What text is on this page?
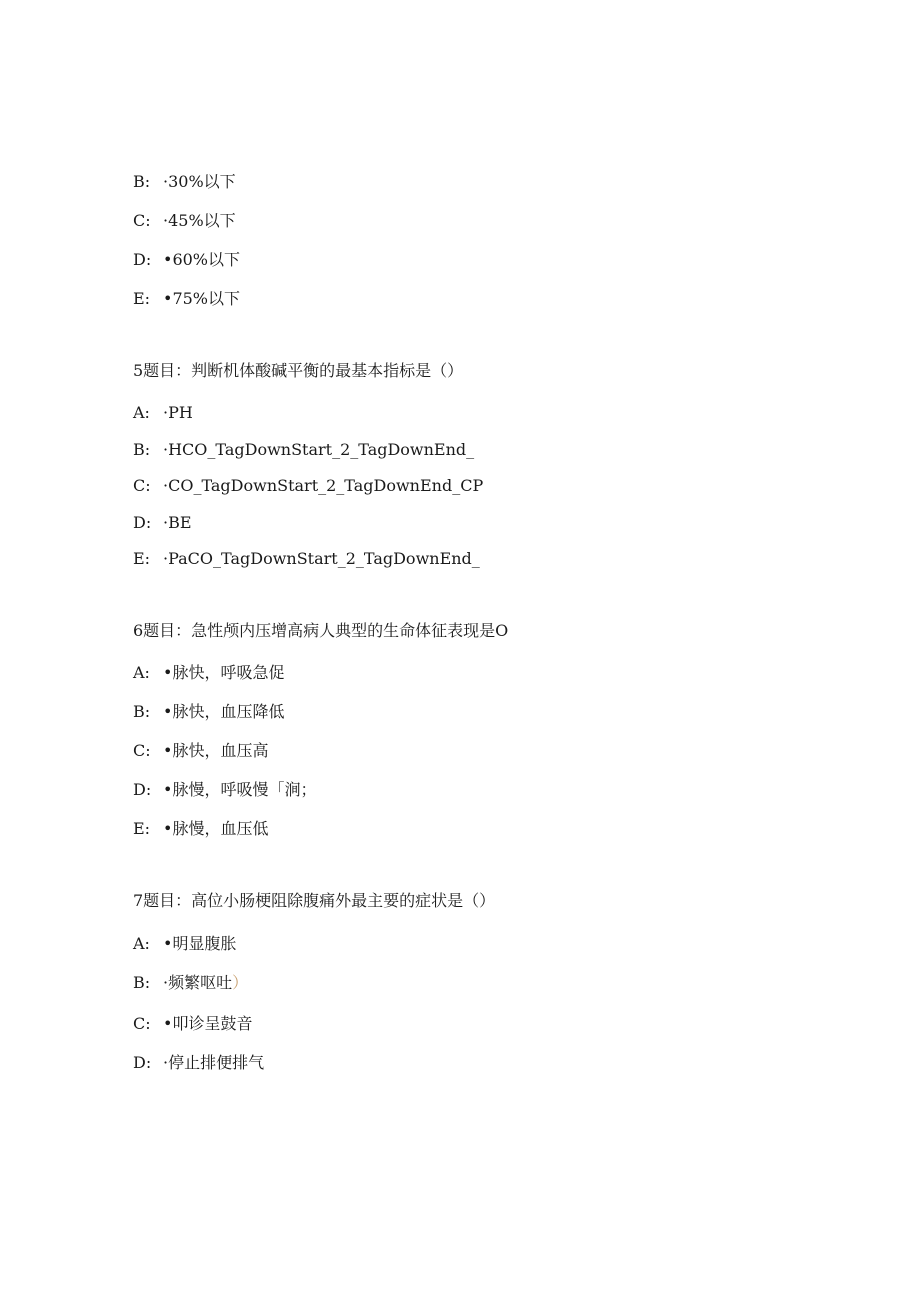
B: ·30%以下
C: ·45%以下
D: •60%以下
E: •75%以下
5题目：判断机体酸碱平衡的最基本指标是（）
A: ·PH
B: ·HCO_TagDownStart_2_TagDownEnd_
C: ·CO_TagDownStart_2_TagDownEnd_CP
D: ·BE
E: ·PaCO_TagDownStart_2_TagDownEnd_
6题目：急性颅内压增高病人典型的生命体征表现是O
A: •脉快，呼吸急促
B: •脉快，血压降低
C: •脉快，血压高
D: •脉慢，呼吸慢「涧；
E: •脉慢，血压低
7题目：高位小肠梗阻除腹痛外最主要的症状是（）
A: •明显腹胀
B: ·频繁呕吐）
C: •叩诊呈鼓音
D: ·停止排便排气
